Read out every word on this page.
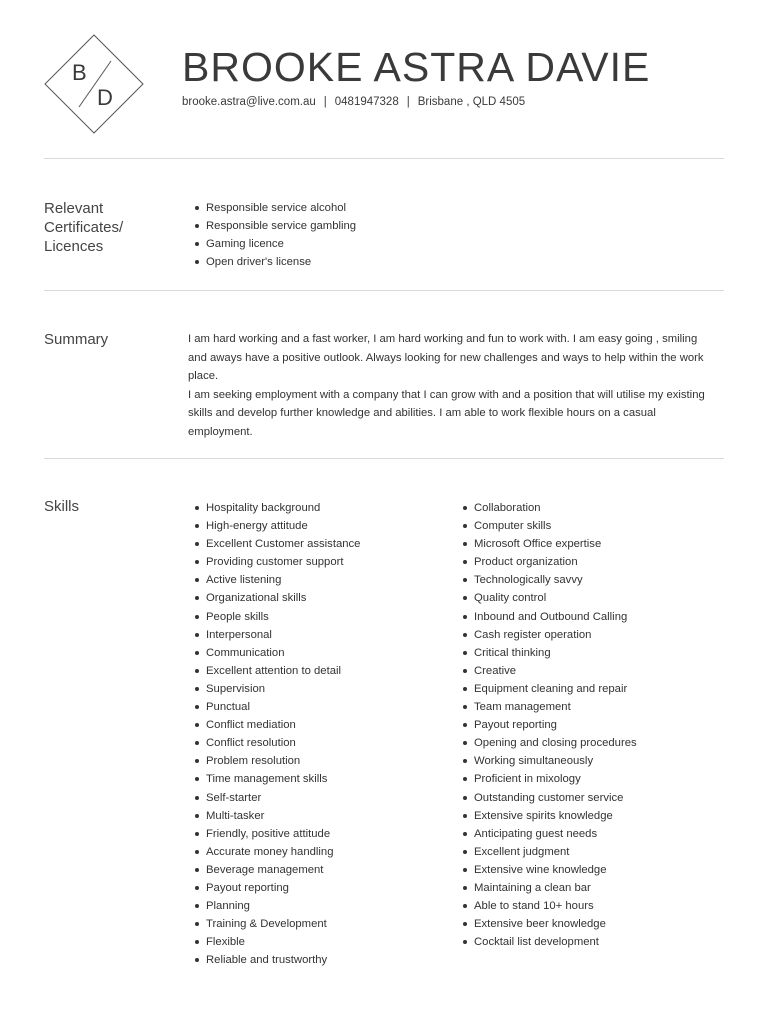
B
D
BROOKE ASTRA DAVIE
brooke.astra@live.com.au | 0481947328 | Brisbane , QLD 4505
Relevant Certificates/ Licences
Responsible service alcohol
Responsible service gambling
Gaming licence
Open driver's license
Summary	I am hard working and a fast worker, I am hard working and fun to work with. I am easy going , smiling and aways have a positive outlook. Always looking for new challenges and ways to help within the work place.

I am seeking employment with a company that I can grow with and a position that will utilise my existing skills and develop further knowledge and abilities. I am able to work flexible hours on a casual employment.

Skills	Hospitality background
High-energy attitude
Excellent Customer assistance
Providing customer support
Active listening
Organizational skills
People skills
Interpersonal
Communication
Excellent attention to detail
Supervision
Punctual
Conflict mediation
Conflict resolution
Problem resolution
Time management skills
Self-starter
Multi-tasker
Friendly, positive attitude
Accurate money handling
Beverage management
Payout reporting
Planning
Training & Development
Flexible
Reliable and trustworthy
Collaboration
Computer skills
Microsoft Office expertise
Product organization
Technologically savvy
Quality control
Inbound and Outbound Calling
Cash register operation
Critical thinking
Creative
Equipment cleaning and repair
Team management
Payout reporting
Opening and closing procedures
Working simultaneously
Proficient in mixology
Outstanding customer service
Extensive spirits knowledge
Anticipating guest needs
Excellent judgment
Extensive wine knowledge
Maintaining a clean bar
Able to stand 10+ hours
Extensive beer knowledge
Cocktail list development
